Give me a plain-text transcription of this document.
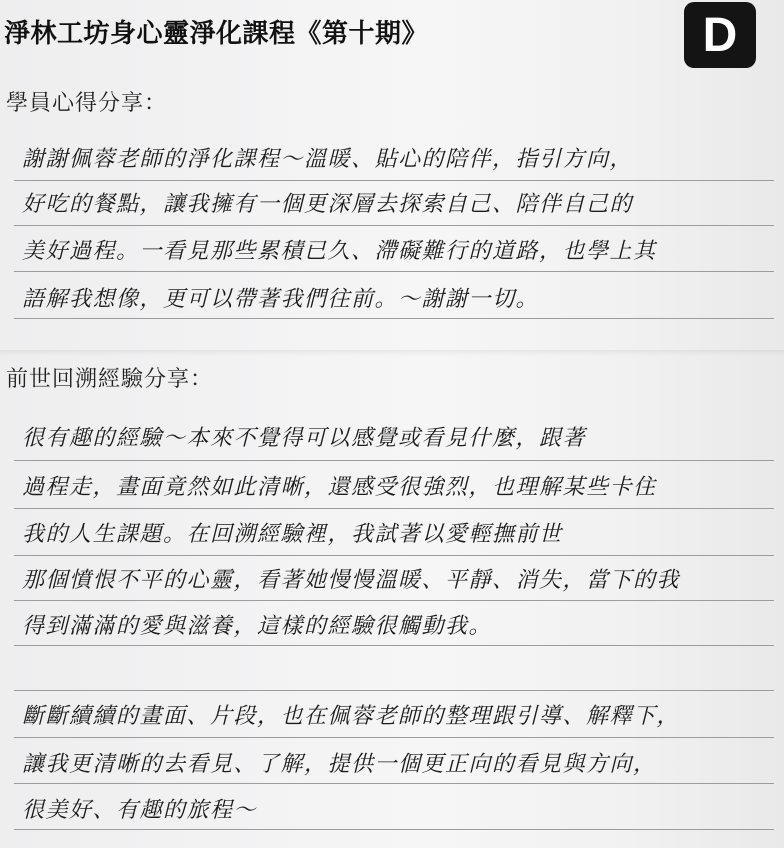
淨林工坊身心靈淨化課程《第十期》	D
學員心得分享：
謝謝佩蓉老師的淨化課程～溫暖、貼心的陪伴，指引方向，
好吃的餐點，讓我擁有一個更深層去探索自己、陪伴自己的
美好過程。一看見那些累積已久、滯礙難行的道路，也學上其
語解我想像，更可以帶著我們往前。～謝謝一切。
前世回溯經驗分享：
很有趣的經驗～本來不覺得可以感覺或看見什麼，跟著
過程走，畫面竟然如此清晰，還感受很強烈，也理解某些卡住
我的人生課題。在回溯經驗裡，我試著以愛輕撫前世
那個憤恨不平的心靈，看著她慢慢溫暖、平靜、消失，當下的我
得到滿滿的愛與滋養，這樣的經驗很觸動我。
斷斷續續的畫面、片段，也在佩蓉老師的整理跟引導、解釋下，
讓我更清晰的去看見、了解，提供一個更正向的看見與方向，
很美好、有趣的旅程～
